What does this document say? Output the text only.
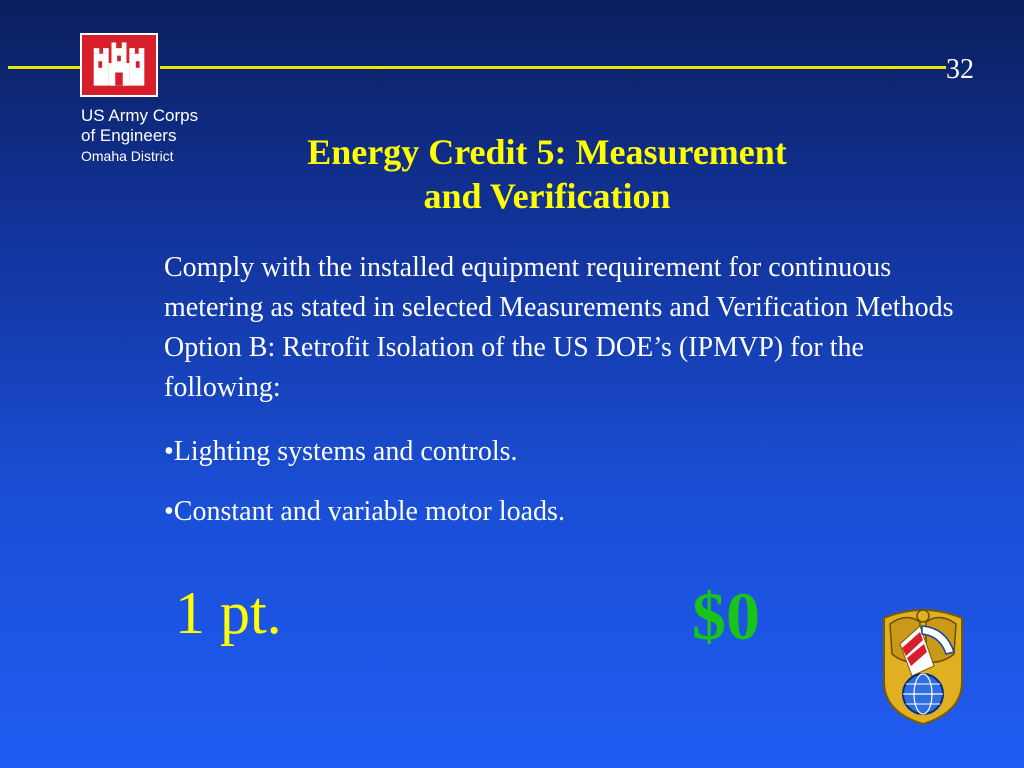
US Army Corps
of Engineers
Omaha District
32
Energy Credit 5: Measurement
and Verification
Comply with the installed equipment requirement for continuous metering as stated in selected Measurements and Verification Methods Option B: Retrofit Isolation of the US DOE’s (IPMVP) for the following:
•Lighting systems and controls.
•Constant and variable motor loads.
1 pt.	$0
